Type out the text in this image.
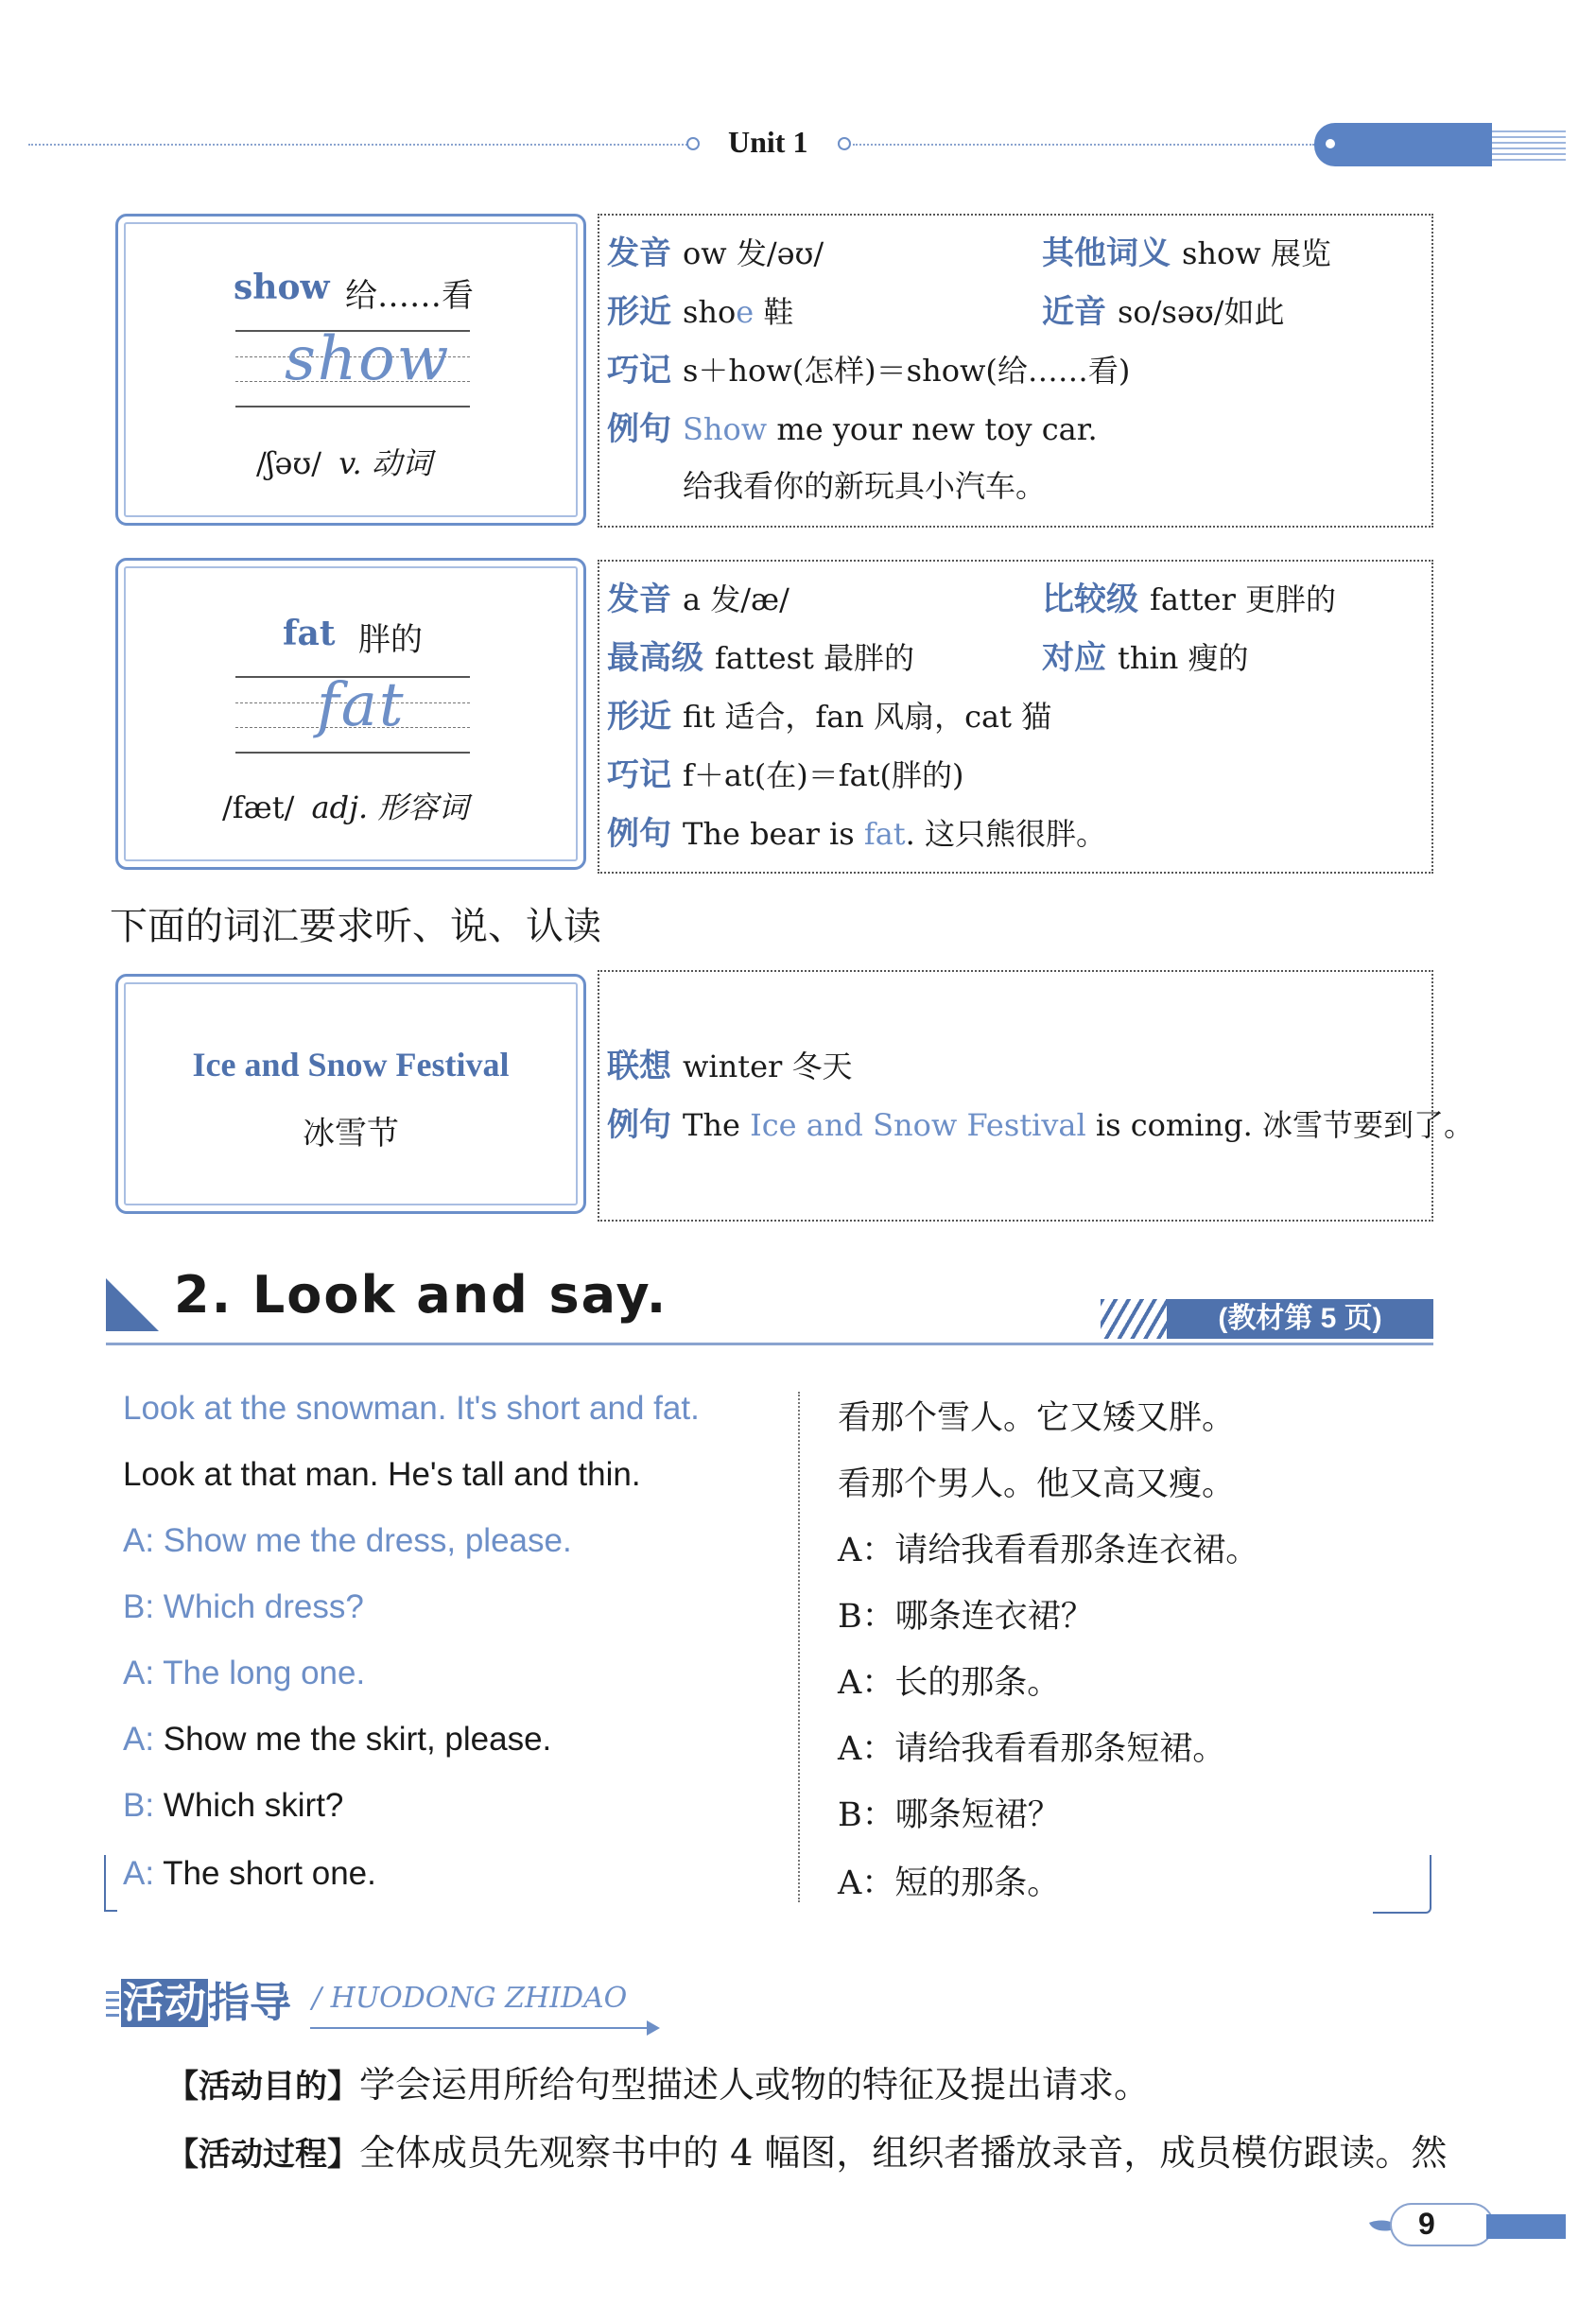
Unit 1
show 给……看
show
/ʃəʊ/ v. 动词
发音 ow 发/əʊ/	其他词义 show 展览
形近 shoe 鞋	近音 so/səʊ/如此
巧记 s＋how(怎样)＝show(给……看)
例句 Show me your new toy car.
给我看你的新玩具小汽车。
fat 胖的
fat
/fæt/ adj. 形容词
发音 a 发/æ/	比较级 fatter 更胖的
最高级 fattest 最胖的	对应 thin 瘦的
形近 fit 适合，fan 风扇，cat 猫
巧记 f＋at(在)＝fat(胖的)
例句 The bear is fat. 这只熊很胖。
下面的词汇要求听、说、认读
Ice and Snow Festival
冰雪节
联想 winter 冬天
例句 The Ice and Snow Festival is coming. 冰雪节要到了。
2. Look and say.	(教材第 5 页)
Look at the snowman. It's short and fat.	看那个雪人。它又矮又胖。
Look at that man. He's tall and thin.	看那个男人。他又高又瘦。
A: Show me the dress, please.	A：请给我看看那条连衣裙。
B: Which dress?	B：哪条连衣裙？
A: The long one.	A：长的那条。
A: Show me the skirt, please.	A：请给我看看那条短裙。
B: Which skirt?	B：哪条短裙？
A: The short one.	A：短的那条。
活动指导 / HUODONG ZHIDAO
【活动目的】学会运用所给句型描述人或物的特征及提出请求。
【活动过程】全体成员先观察书中的 4 幅图，组织者播放录音，成员模仿跟读。然
9
